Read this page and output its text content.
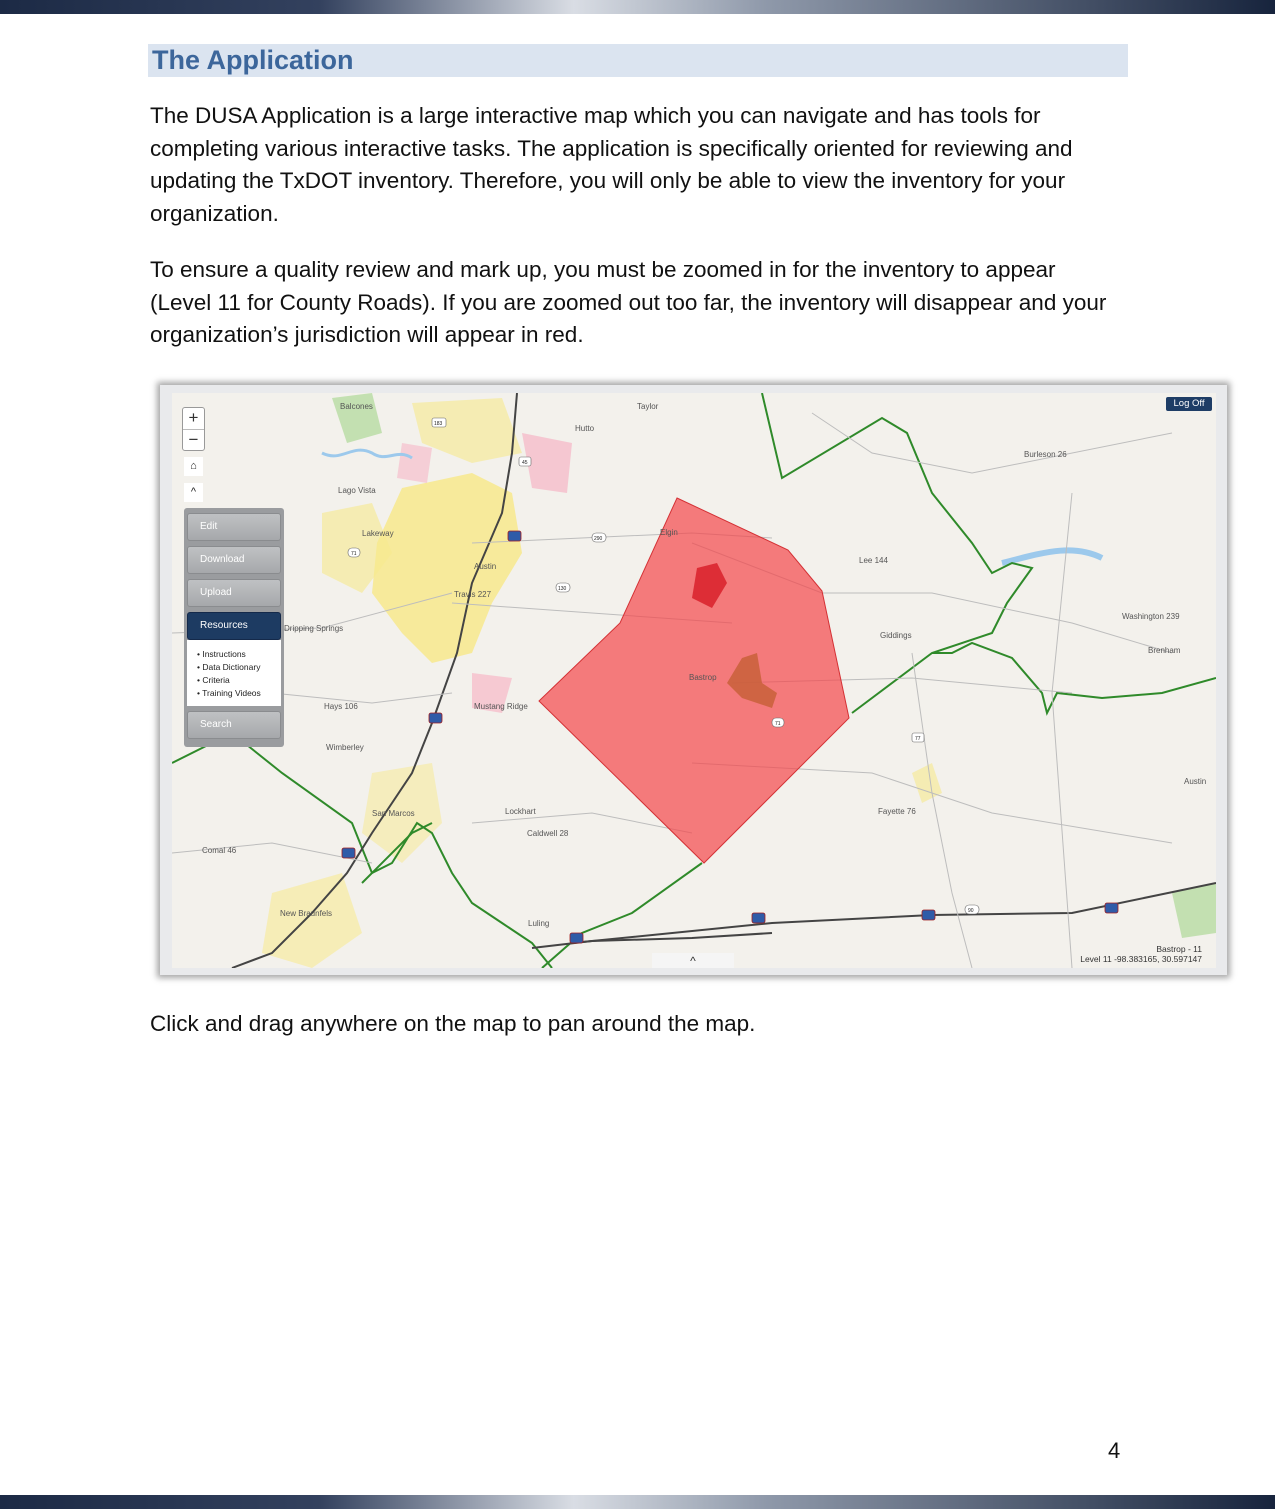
The Application

The DUSA Application is a large interactive map which you can navigate and has tools for completing various interactive tasks. The application is specifically oriented for reviewing and updating the TxDOT inventory. Therefore, you will only be able to view the inventory for your organization.

To ensure a quality review and mark up, you must be zoomed in for the inventory to appear (Level 11 for County Roads). If you are zoomed out too far, the inventory will disappear and your organization’s jurisdiction will appear in red.

Taylor
Hutto
Burleson 26
Lago Vista
Lakeway
Austin
Travis 227
Elgin
Lee 144
Giddings
Washington 239
Brenham
Dripping Springs
Hays 106	Mustang Ridge
Bastrop
Wimberley
San Marcos	Lockhart
Caldwell 28
Fayette 76
Austin
Comal 46
New Braunfels
Luling
Balcones
183
45
290
130
71
71
77
90
+
−
⌂
^
Edit
Download
Upload
Resources
• Instructions
• Data Dictionary
• Criteria
• Training Videos
Search
Log Off
^
Bastrop - 11
Level 11 -98.383165, 30.597147

Click and drag anywhere on the map to pan around the map.

4
